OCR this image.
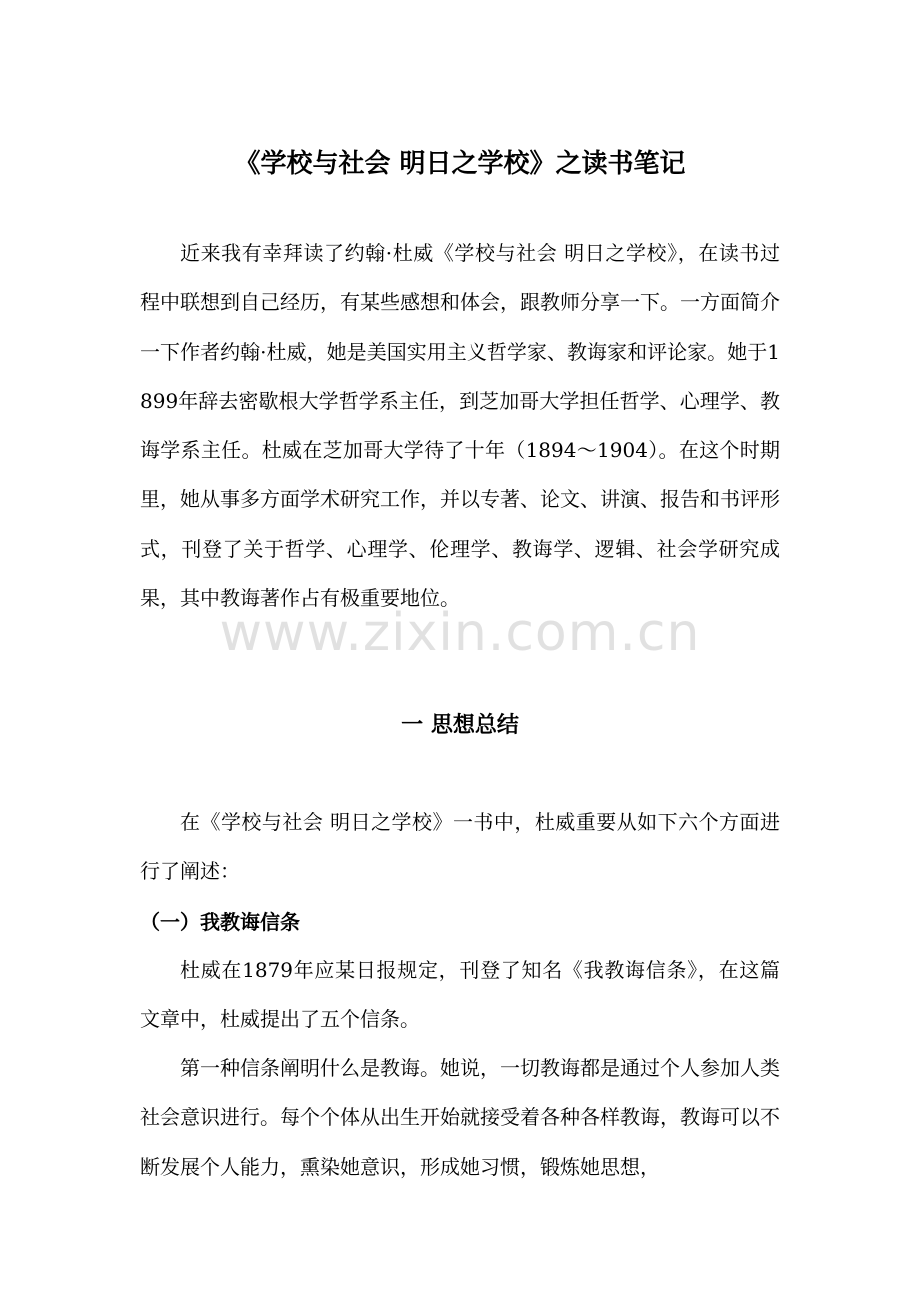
《学校与社会 明日之学校》之读书笔记

近来我有幸拜读了约翰·杜威《学校与社会 明日之学校》，在读书过程中联想到自己经历，有某些感想和体会，跟教师分享一下。一方面简介一下作者约翰·杜威，她是美国实用主义哲学家、教诲家和评论家。她于1899年辞去密歇根大学哲学系主任，到芝加哥大学担任哲学、心理学、教诲学系主任。杜威在芝加哥大学待了十年（1894～1904）。在这个时期里，她从事多方面学术研究工作，并以专著、论文、讲演、报告和书评形式，刊登了关于哲学、心理学、伦理学、教诲学、逻辑、社会学研究成果，其中教诲著作占有极重要地位。

一 思想总结

在《学校与社会 明日之学校》一书中，杜威重要从如下六个方面进行了阐述：

（一）我教诲信条

杜威在1879年应某日报规定，刊登了知名《我教诲信条》，在这篇文章中，杜威提出了五个信条。

第一种信条阐明什么是教诲。她说，一切教诲都是通过个人参加人类社会意识进行。每个个体从出生开始就接受着各种各样教诲，教诲可以不断发展个人能力，熏染她意识，形成她习惯，锻炼她思想，

www.zixin.com.cn
